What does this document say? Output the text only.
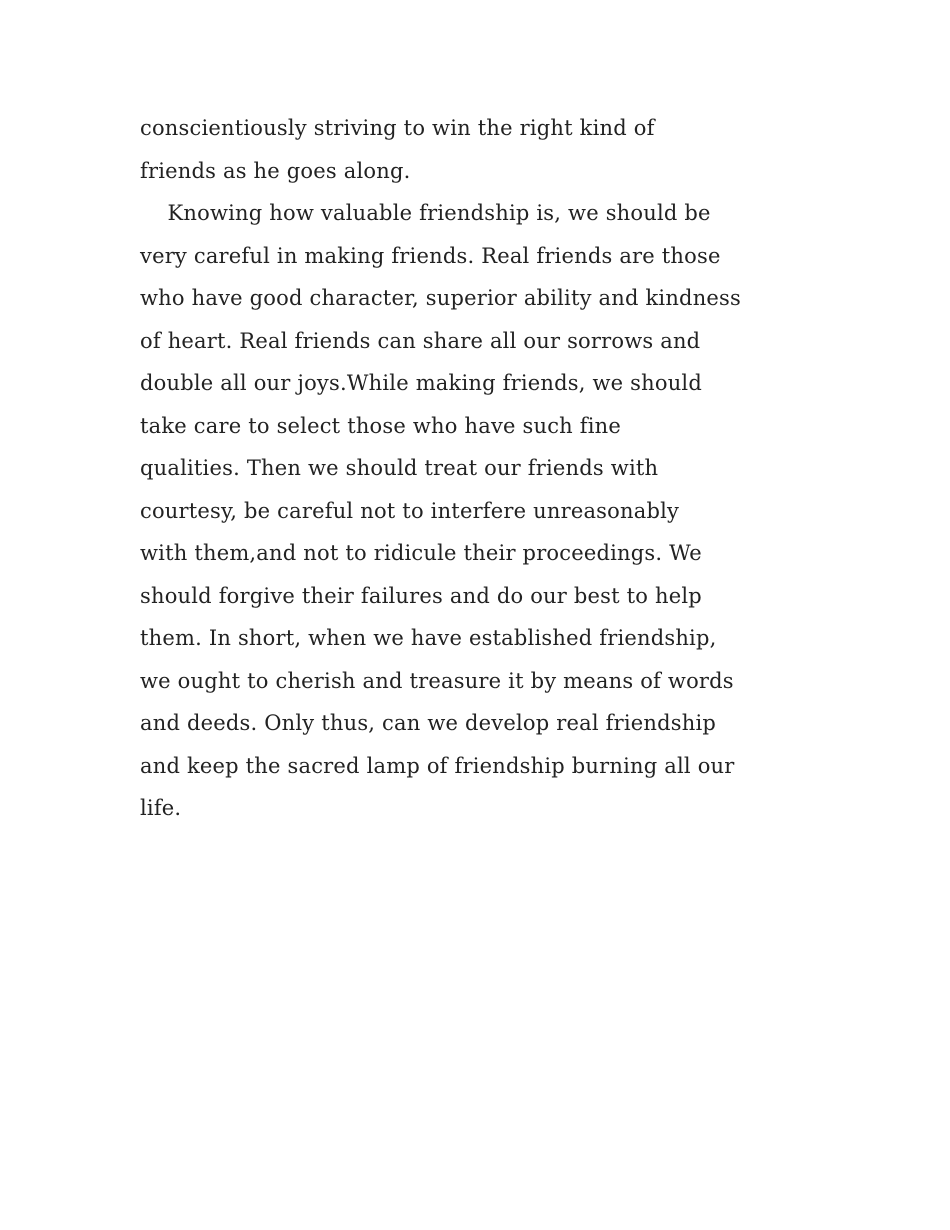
conscientiously striving to win the right kind of
friends as he goes along.
Knowing how valuable friendship is, we should be
very careful in making friends. Real friends are those
who have good character, superior ability and kindness
of heart. Real friends can share all our sorrows and
double all our joys.While making friends, we should
take care to select those who have such fine
qualities. Then we should treat our friends with
courtesy, be careful not to interfere unreasonably
with them,and not to ridicule their proceedings. We
should forgive their failures and do our best to help
them. In short, when we have established friendship,
we ought to cherish and treasure it by means of words
and deeds. Only thus, can we develop real friendship
and keep the sacred lamp of friendship burning all our
life.
